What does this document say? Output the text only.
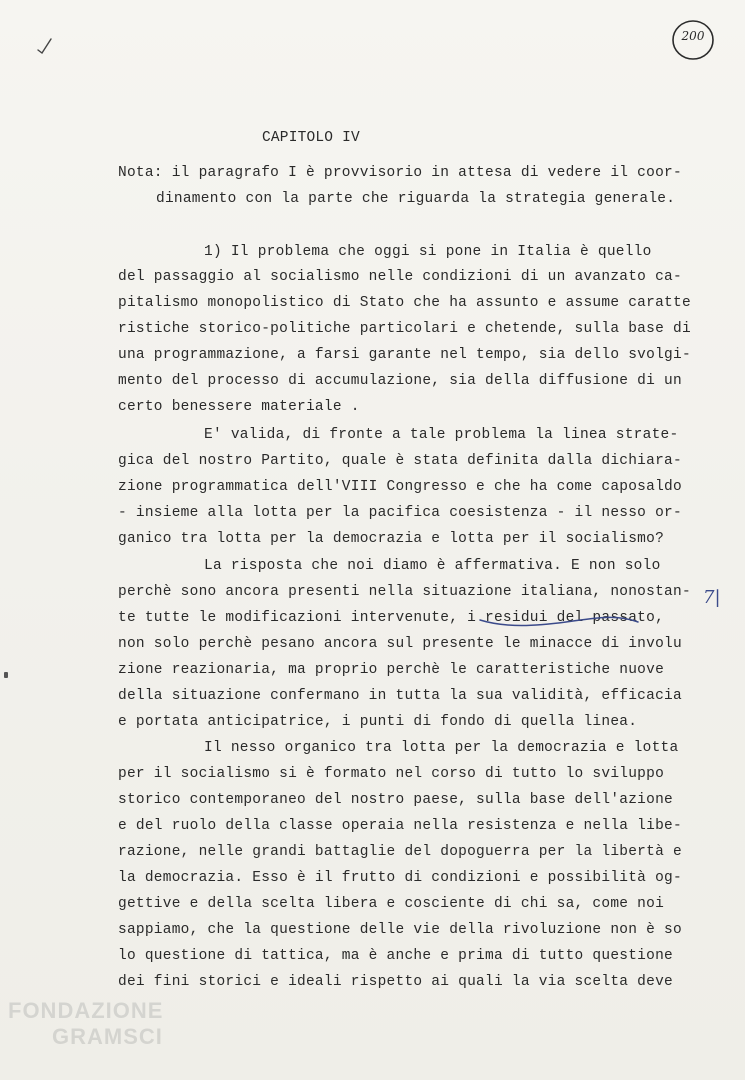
200
CAPITOLO IV
Nota: il paragrafo I è provvisorio in attesa di vedere il coor-
dinamento con la parte che riguarda la strategia generale.
1) Il problema che oggi si pone in Italia è quello
del passaggio al socialismo nelle condizioni di un avanzato ca-
pitalismo monopolistico di Stato che ha assunto e assume caratte
ristiche storico-politiche particolari e chetende, sulla base di
una programmazione, a farsi garante nel tempo, sia dello svolgi-
mento del processo di accumulazione, sia della diffusione di un
certo benessere materiale .
E' valida, di fronte a tale problema la linea strate-
gica del nostro Partito, quale è stata definita dalla dichiara-
zione programmatica dell'VIII Congresso e che ha come caposaldo
- insieme alla lotta per la pacifica coesistenza - il nesso or-
ganico tra lotta per la democrazia e lotta per il socialismo?
La risposta che noi diamo è affermativa. E non solo
perchè sono ancora presenti nella situazione italiana, nonostan-
te tutte le modificazioni intervenute, i residui del passato,
non solo perchè pesano ancora sul presente le minacce di involu
zione reazionaria, ma proprio perchè le caratteristiche nuove
della situazione confermano in tutta la sua validità, efficacia
e portata anticipatrice, i punti di fondo di quella linea.
Il nesso organico tra lotta per la democrazia e lotta
per il socialismo si è formato nel corso di tutto lo sviluppo
storico contemporaneo del nostro paese, sulla base dell'azione
e del ruolo della classe operaia nella resistenza e nella libe-
razione, nelle grandi battaglie del dopoguerra per la libertà e
la democrazia. Esso è il frutto di condizioni e possibilità og-
gettive e della scelta libera e cosciente di chi sa, come noi
sappiamo, che la questione delle vie della rivoluzione non è so
lo questione di tattica, ma è anche e prima di tutto questione
dei fini storici e ideali rispetto ai quali la via scelta deve
7|
FONDAZIONE
GRAMSCI
